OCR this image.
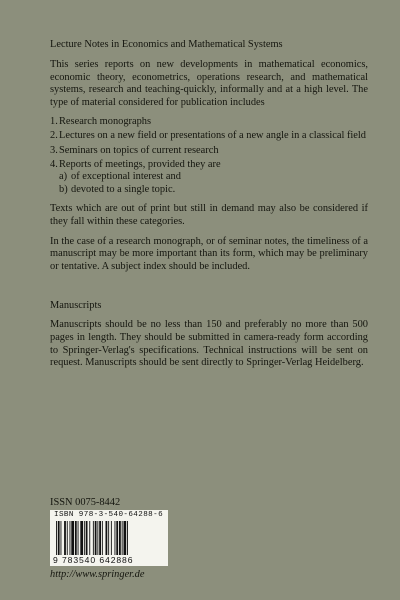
Lecture Notes in Economics and Mathematical Systems

This series reports on new developments in mathematical economics, economic theory, econometrics, operations research, and mathematical systems, research and teaching-quickly, informally and at a high level. The type of material considered for publication includes

1. Research monographs
2. Lectures on a new field or presentations of a new angle in a classical field
3. Seminars on topics of current research
4. Reports of meetings, provided they are
a) of exceptional interest and
b) devoted to a single topic.

Texts which are out of print but still in demand may also be considered if they fall within these categories.

In the case of a research monograph, or of seminar notes, the timeliness of a manuscript may be more important than its form, which may be preliminary or tentative. A subject index should be included.

Manuscripts

Manuscripts should be no less than 150 and preferably no more than 500 pages in length. They should be submitted in camera-ready form according to Springer-Verlag's specifications. Technical instructions will be sent on request. Manuscripts should be sent directly to Springer-Verlag Heidelberg.

ISSN 0075-8442
ISBN 978-3-540-64288-6
9 783540 642886
http://www.springer.de
